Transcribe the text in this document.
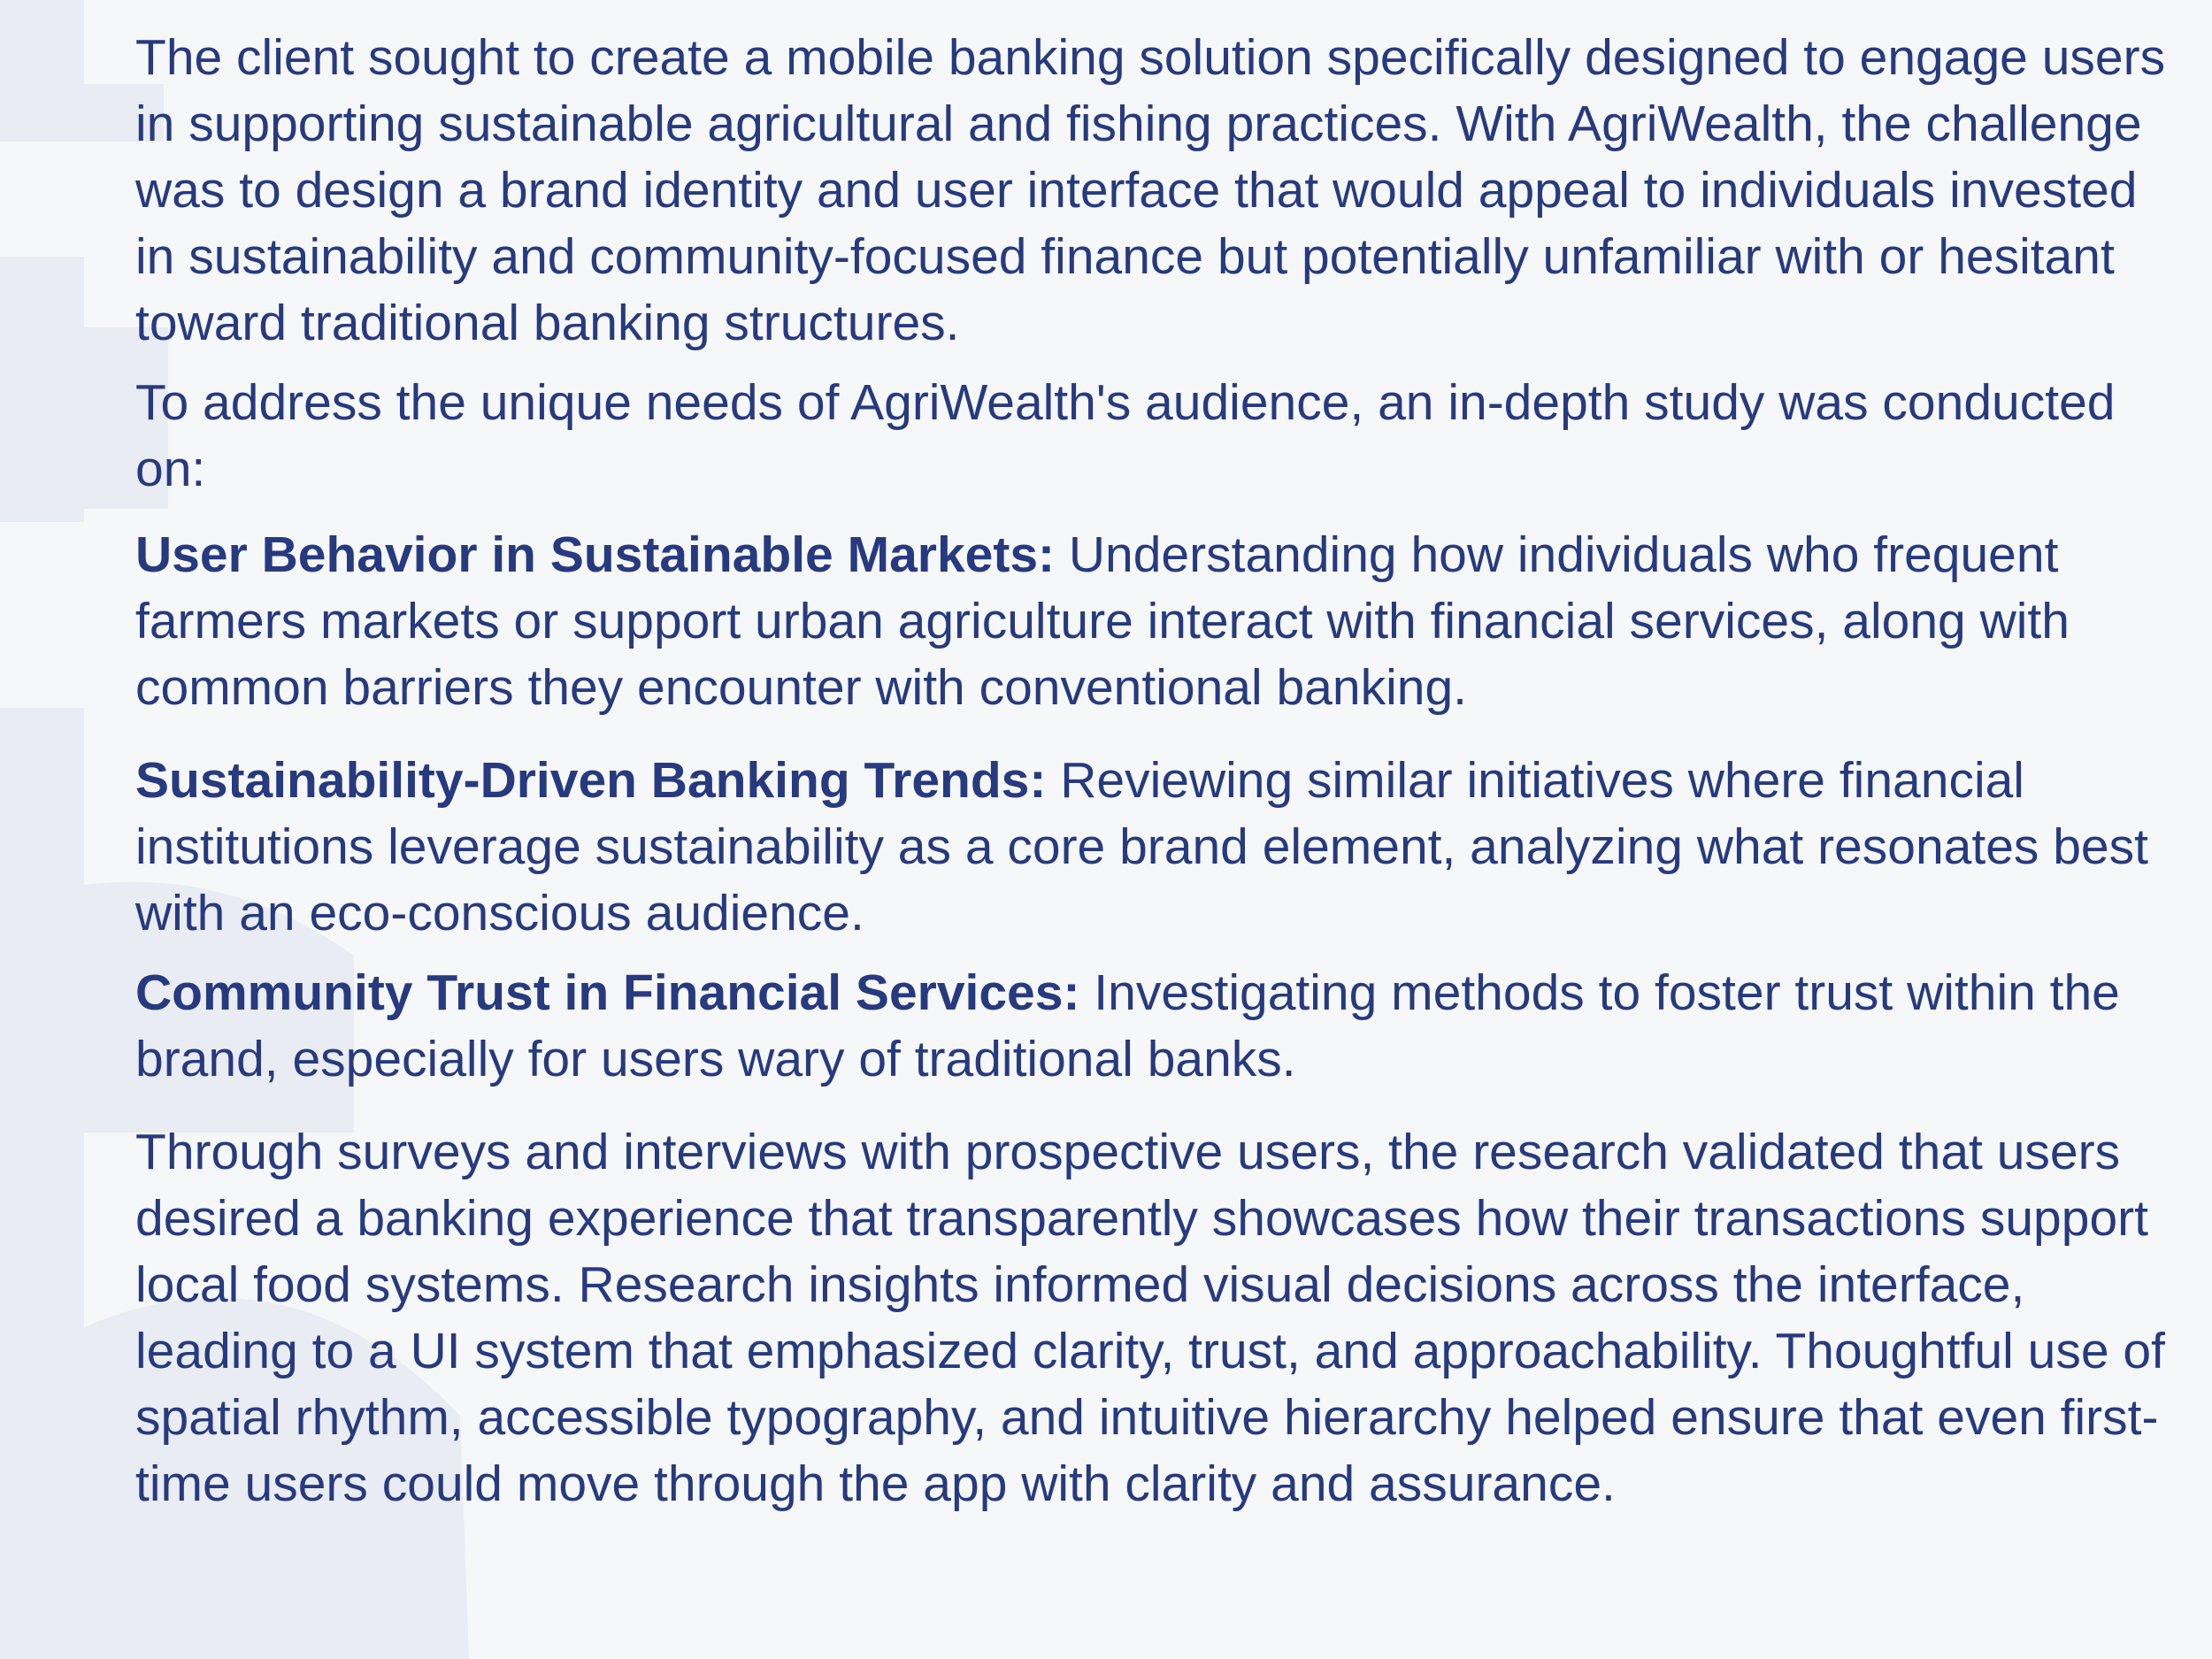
The client sought to create a mobile banking solution specifically designed to engage users in supporting sustainable agricultural and fishing practices. With AgriWealth, the challenge was to design a brand identity and user interface that would appeal to individuals invested in sustainability and community-focused finance but potentially unfamiliar with or hesitant toward traditional banking structures.

To address the unique needs of AgriWealth's audience, an in-depth study was conducted on:

User Behavior in Sustainable Markets: Understanding how individuals who frequent farmers markets or support urban agriculture interact with financial services, along with common barriers they encounter with conventional banking.

Sustainability-Driven Banking Trends: Reviewing similar initiatives where financial institutions leverage sustainability as a core brand element, analyzing what resonates best with an eco-conscious audience.

Community Trust in Financial Services: Investigating methods to foster trust within the brand, especially for users wary of traditional banks.

Through surveys and interviews with prospective users, the research validated that users desired a banking experience that transparently showcases how their transactions support local food systems. Research insights informed visual decisions across the interface, leading to a UI system that emphasized clarity, trust, and approachability. Thoughtful use of spatial rhythm, accessible typography, and intuitive hierarchy helped ensure that even first-time users could move through the app with clarity and assurance.
